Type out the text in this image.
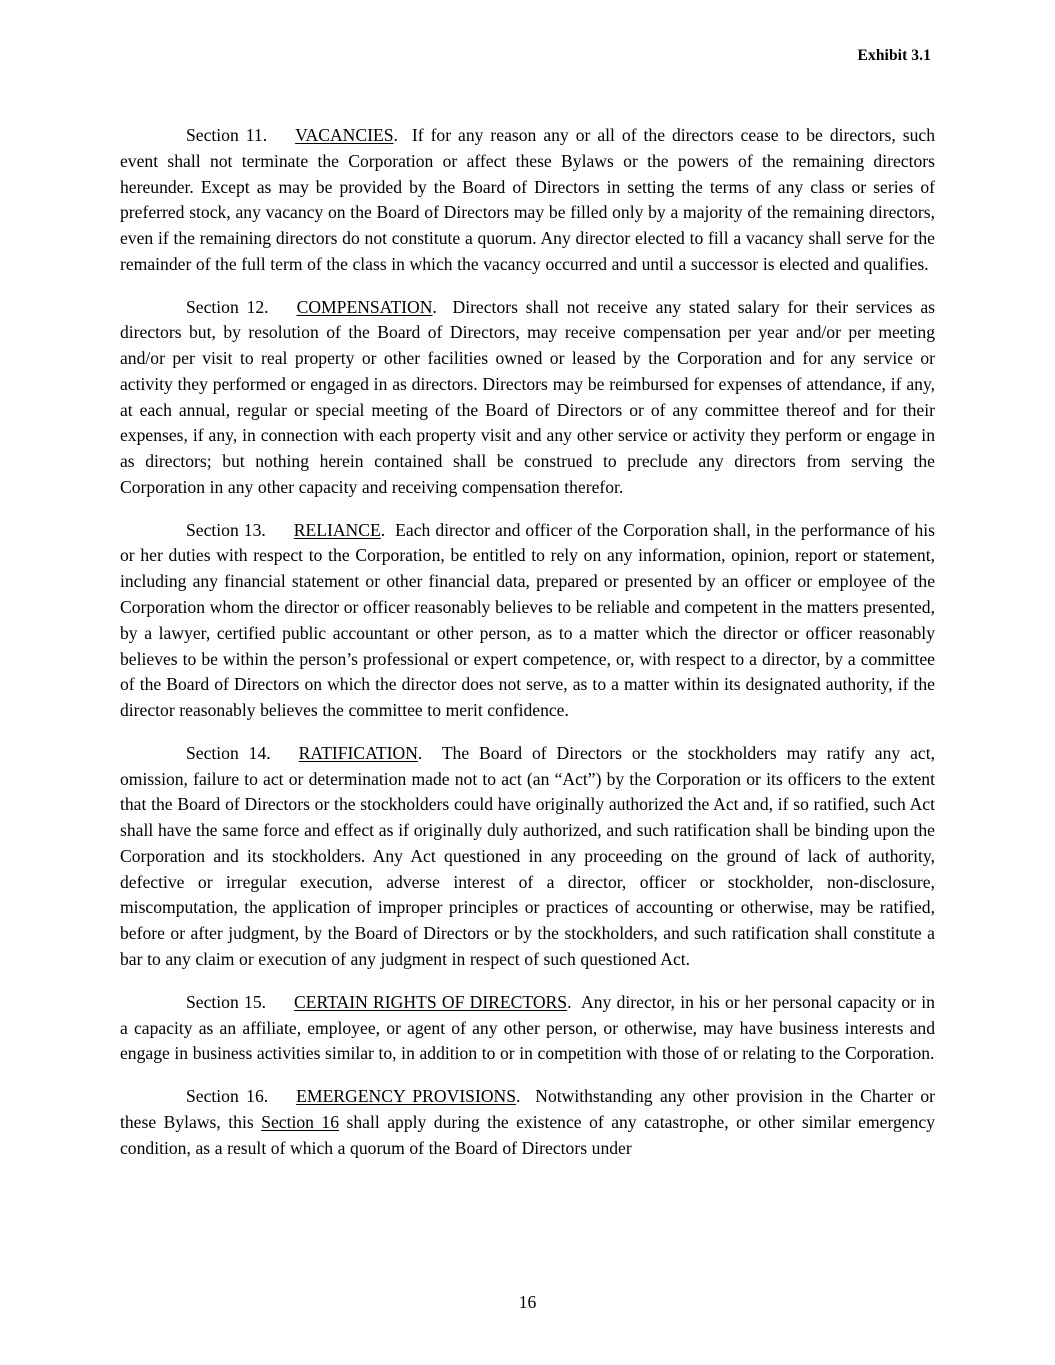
Exhibit 3.1

Section 11. VACANCIES. If for any reason any or all of the directors cease to be directors, such event shall not terminate the Corporation or affect these Bylaws or the powers of the remaining directors hereunder. Except as may be provided by the Board of Directors in setting the terms of any class or series of preferred stock, any vacancy on the Board of Directors may be filled only by a majority of the remaining directors, even if the remaining directors do not constitute a quorum. Any director elected to fill a vacancy shall serve for the remainder of the full term of the class in which the vacancy occurred and until a successor is elected and qualifies.

Section 12. COMPENSATION. Directors shall not receive any stated salary for their services as directors but, by resolution of the Board of Directors, may receive compensation per year and/or per meeting and/or per visit to real property or other facilities owned or leased by the Corporation and for any service or activity they performed or engaged in as directors. Directors may be reimbursed for expenses of attendance, if any, at each annual, regular or special meeting of the Board of Directors or of any committee thereof and for their expenses, if any, in connection with each property visit and any other service or activity they perform or engage in as directors; but nothing herein contained shall be construed to preclude any directors from serving the Corporation in any other capacity and receiving compensation therefor.

Section 13. RELIANCE. Each director and officer of the Corporation shall, in the performance of his or her duties with respect to the Corporation, be entitled to rely on any information, opinion, report or statement, including any financial statement or other financial data, prepared or presented by an officer or employee of the Corporation whom the director or officer reasonably believes to be reliable and competent in the matters presented, by a lawyer, certified public accountant or other person, as to a matter which the director or officer reasonably believes to be within the person’s professional or expert competence, or, with respect to a director, by a committee of the Board of Directors on which the director does not serve, as to a matter within its designated authority, if the director reasonably believes the committee to merit confidence.

Section 14. RATIFICATION. The Board of Directors or the stockholders may ratify any act, omission, failure to act or determination made not to act (an “Act”) by the Corporation or its officers to the extent that the Board of Directors or the stockholders could have originally authorized the Act and, if so ratified, such Act shall have the same force and effect as if originally duly authorized, and such ratification shall be binding upon the Corporation and its stockholders. Any Act questioned in any proceeding on the ground of lack of authority, defective or irregular execution, adverse interest of a director, officer or stockholder, non-disclosure, miscomputation, the application of improper principles or practices of accounting or otherwise, may be ratified, before or after judgment, by the Board of Directors or by the stockholders, and such ratification shall constitute a bar to any claim or execution of any judgment in respect of such questioned Act.

Section 15. CERTAIN RIGHTS OF DIRECTORS. Any director, in his or her personal capacity or in a capacity as an affiliate, employee, or agent of any other person, or otherwise, may have business interests and engage in business activities similar to, in addition to or in competition with those of or relating to the Corporation.

Section 16. EMERGENCY PROVISIONS. Notwithstanding any other provision in the Charter or these Bylaws, this Section 16 shall apply during the existence of any catastrophe, or other similar emergency condition, as a result of which a quorum of the Board of Directors under

16
